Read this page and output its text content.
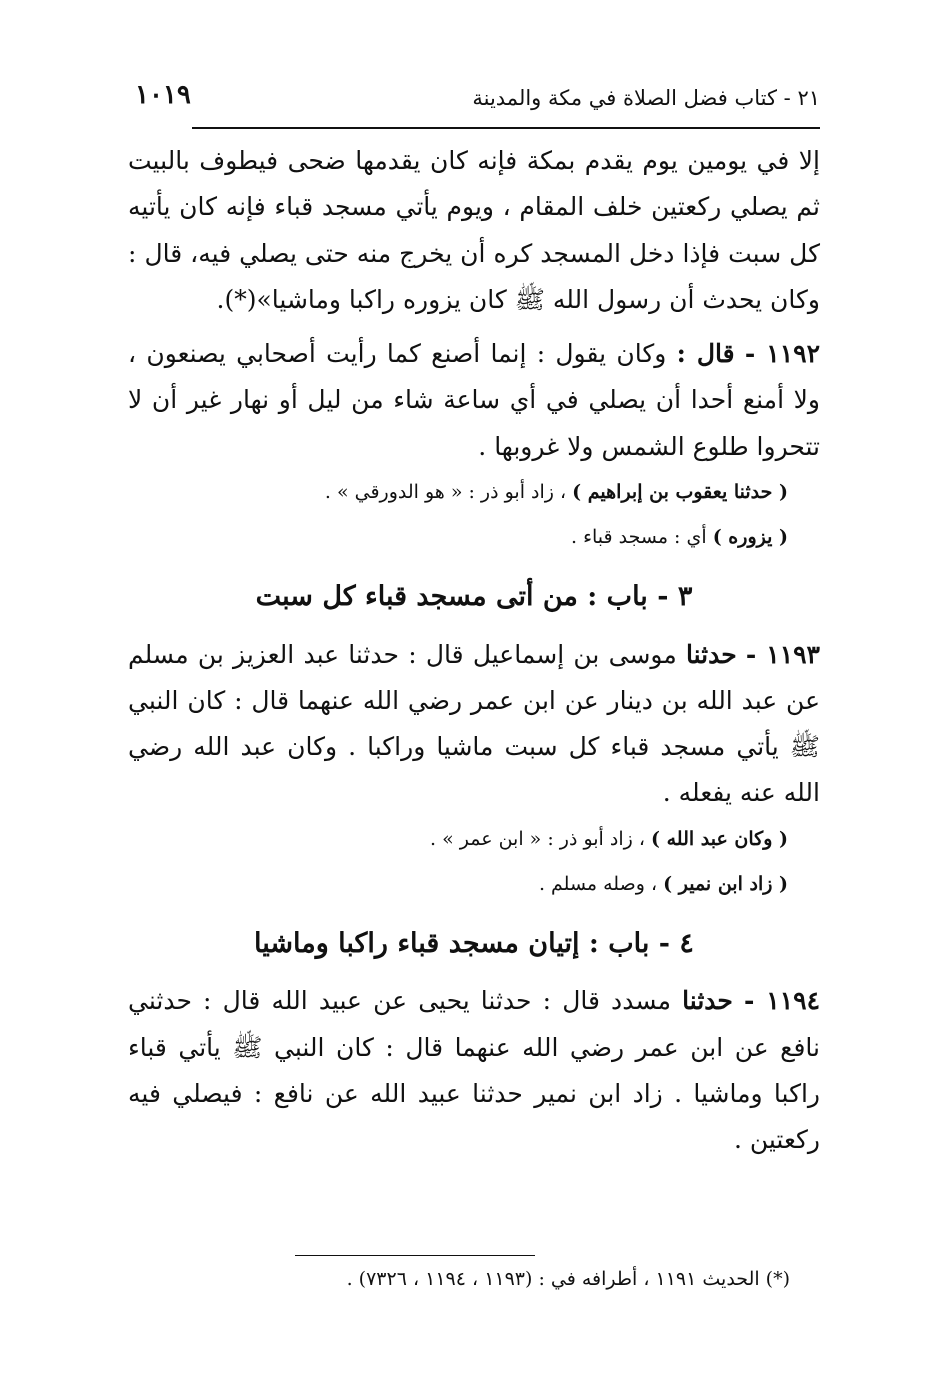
٢١ - كتاب فضل الصلاة في مكة والمدينة
١٠١٩

إلا في يومين يوم يقدم بمكة فإنه كان يقدمها ضحى فيطوف بالبيت ثم يصلي ركعتين خلف المقام ، ويوم يأتي مسجد قباء فإنه كان يأتيه كل سبت فإذا دخل المسجد كره أن يخرج منه حتى يصلي فيه، قال : وكان يحدث أن رسول الله ﷺ كان يزوره راكبا وماشيا»(*).

١١٩٢ - قال : وكان يقول : إنما أصنع كما رأيت أصحابي يصنعون ، ولا أمنع أحدا أن يصلي في أي ساعة شاء من ليل أو نهار غير أن لا تتحروا طلوع الشمس ولا غروبها .

( حدثنا يعقوب بن إبراهيم ) ، زاد أبو ذر : « هو الدورقي » .

( يزوره ) أي : مسجد قباء .

٣ - باب : من أتى مسجد قباء كل سبت

١١٩٣ - حدثنا موسى بن إسماعيل قال : حدثنا عبد العزيز بن مسلم عن عبد الله بن دينار عن ابن عمر رضي الله عنهما قال : كان النبي ﷺ يأتي مسجد قباء كل سبت ماشيا وراكبا . وكان عبد الله رضي الله عنه يفعله .

( وكان عبد الله ) ، زاد أبو ذر : « ابن عمر » .

( زاد ابن نمير ) ، وصله مسلم .

٤ - باب : إتيان مسجد قباء راكبا وماشيا

١١٩٤ - حدثنا مسدد قال : حدثنا يحيى عن عبيد الله قال : حدثني نافع عن ابن عمر رضي الله عنهما قال : كان النبي ﷺ يأتي قباء راكبا وماشيا . زاد ابن نمير حدثنا عبيد الله عن نافع : فيصلي فيه ركعتين .

(*) الحديث ١١٩١ ، أطرافه في : (١١٩٣ ، ١١٩٤ ، ٧٣٢٦) .
